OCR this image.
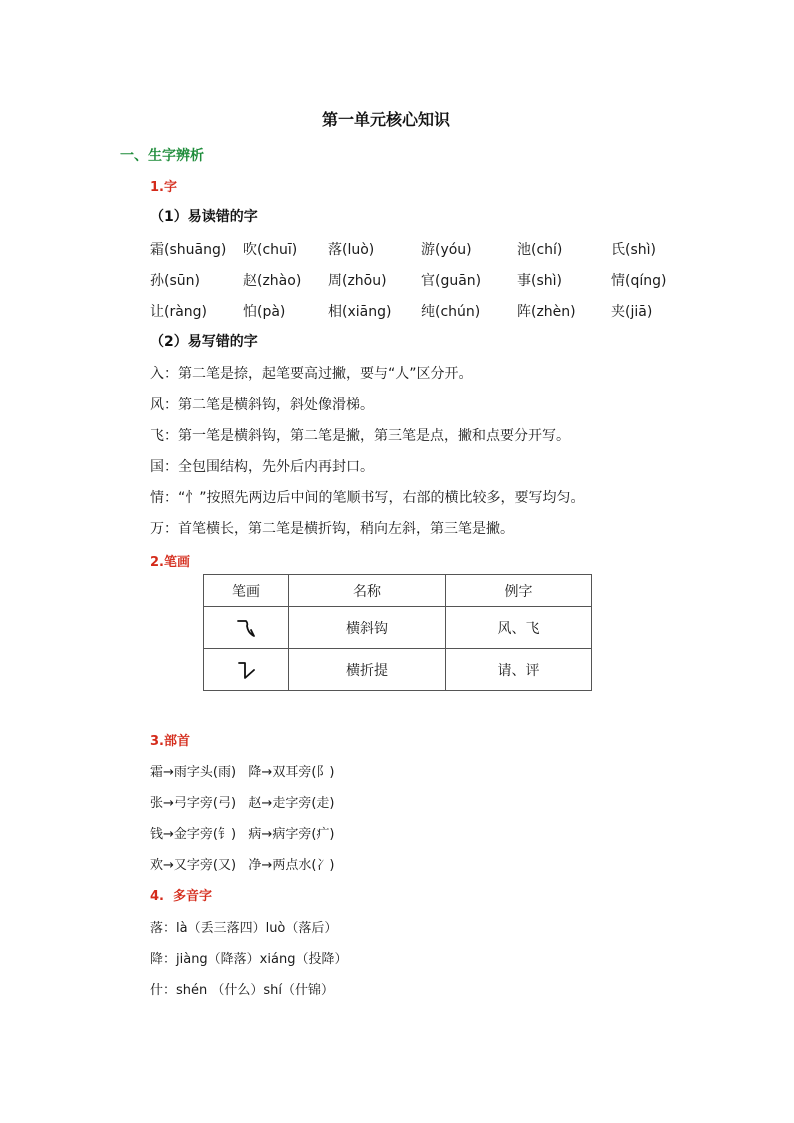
第一单元核心知识
一、生字辨析
1.字
（1）易读错的字
霜(shuāng) 吹(chuī) 落(luò)	游(yóu)	池(chí)	氏(shì)
孙(sūn)	赵(zhào) 周(zhōu) 官(guān)	事(shì)	情(qíng)
让(ràng)	怕(pà)	相(xiāng) 纯(chún)	阵(zhèn)	夹(jiā)
（2）易写错的字
入：第二笔是捺，起笔要高过撇，要与“人”区分开。
风：第二笔是横斜钩，斜处像滑梯。
飞：第一笔是横斜钩，第二笔是撇，第三笔是点，撇和点要分开写。
国：全包围结构，先外后内再封口。
情：“忄”按照先两边后中间的笔顺书写，右部的横比较多，要写均匀。
万：首笔横长，第二笔是横折钩，稍向左斜，第三笔是撇。
2.笔画
笔画	名称	例字
	横斜钩	风、飞
	横折提	请、评
3.部首
霜→雨字头(雨)   降→双耳旁(阝)
张→弓字旁(弓)   赵→走字旁(走)
钱→金字旁(钅)   病→病字旁(疒)
欢→又字旁(又)   净→两点水(冫)
4.  多音字
落：là（丢三落四）luò（落后）
降：jiàng（降落）xiáng（投降）
什：shén （什么）shí（什锦）
